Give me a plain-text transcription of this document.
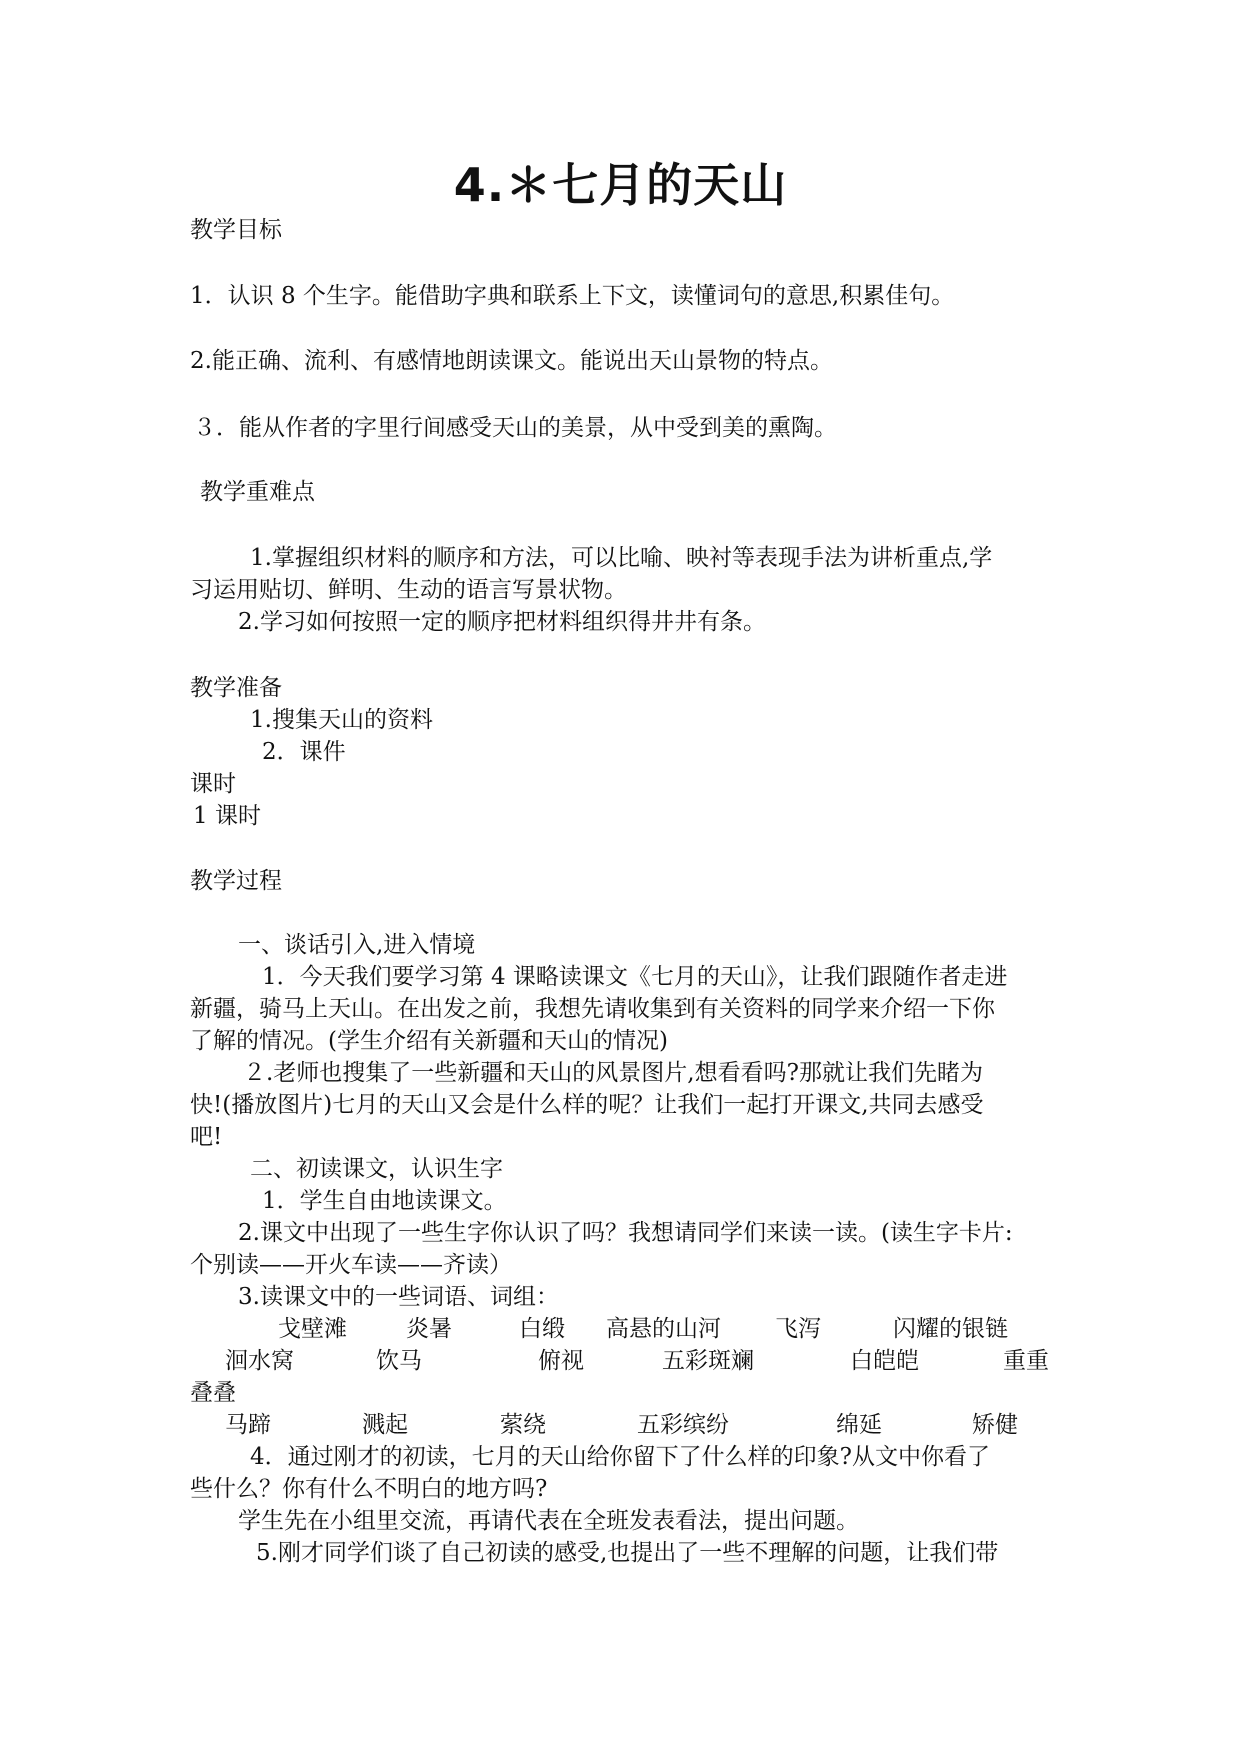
4.＊七月的天山
教学目标
1．认识 8 个生字。能借助字典和联系上下文，读懂词句的意思,积累佳句。
2.能正确、流利、有感情地朗读课文。能说出天山景物的特点。
３．能从作者的字里行间感受天山的美景，从中受到美的熏陶。
教学重难点
1.掌握组织材料的顺序和方法，可以比喻、映衬等表现手法为讲析重点,学
习运用贴切、鲜明、生动的语言写景状物。
2.学习如何按照一定的顺序把材料组织得井井有条。
教学准备
1.搜集天山的资料
2．课件
课时
1 课时
教学过程
一、谈话引入,进入情境
1．今天我们要学习第 4 课略读课文《七月的天山》，让我们跟随作者走进
新疆，骑马上天山。在出发之前，我想先请收集到有关资料的同学来介绍一下你
了解的情况。(学生介绍有关新疆和天山的情况)
２.老师也搜集了一些新疆和天山的风景图片,想看看吗?那就让我们先睹为
快!(播放图片)七月的天山又会是什么样的呢？让我们一起打开课文,共同去感受
吧!
二、初读课文，认识生字
1．学生自由地读课文。
2.课文中出现了一些生字你认识了吗？我想请同学们来读一读。(读生字卡片:
个别读——开火车读——齐读）
3.读课文中的一些词语、词组：
戈壁滩	炎暑	白缎 高悬的山河 飞泻	闪耀的银链
洄水窝	饮马	俯视	五彩斑斓	白皑皑	重重
叠叠
马蹄	溅起	萦绕	五彩缤纷	绵延	矫健
4．通过刚才的初读，七月的天山给你留下了什么样的印象?从文中你看了
些什么？你有什么不明白的地方吗?
学生先在小组里交流，再请代表在全班发表看法，提出问题。
5.刚才同学们谈了自己初读的感受,也提出了一些不理解的问题，让我们带
